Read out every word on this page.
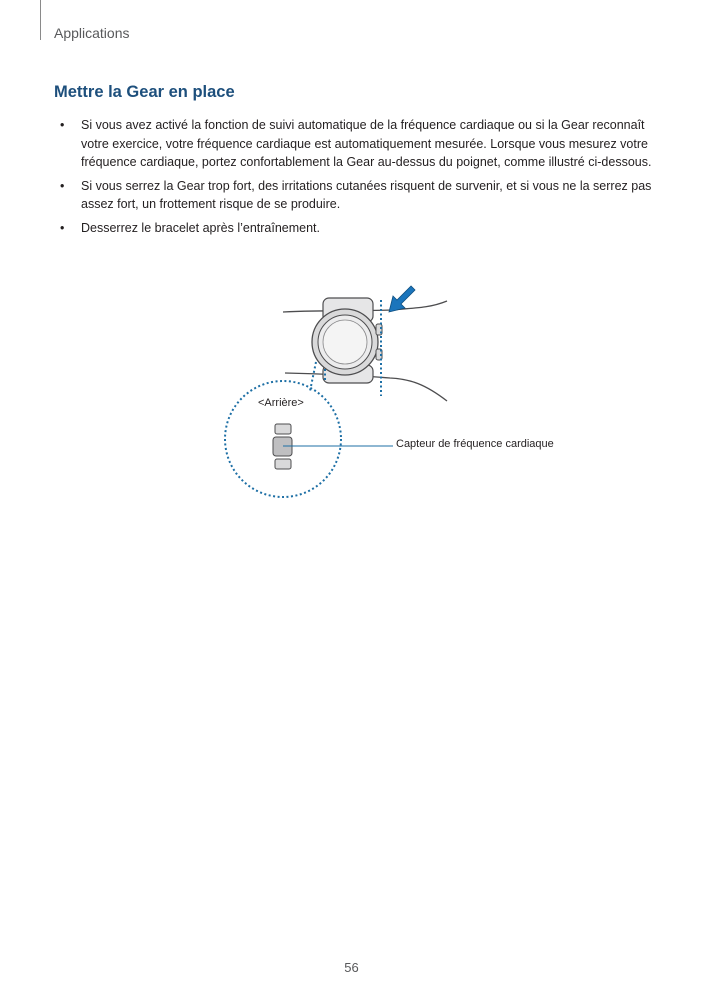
Applications
Mettre la Gear en place
• Si vous avez activé la fonction de suivi automatique de la fréquence cardiaque ou si la Gear reconnaît votre exercice, votre fréquence cardiaque est automatiquement mesurée. Lorsque vous mesurez votre fréquence cardiaque, portez confortablement la Gear au-dessus du poignet, comme illustré ci-dessous.
• Si vous serrez la Gear trop fort, des irritations cutanées risquent de survenir, et si vous ne la serrez pas assez fort, un frottement risque de se produire.
• Desserrez le bracelet après l’entraînement.
<Arrière>
Capteur de fréquence cardiaque
56
